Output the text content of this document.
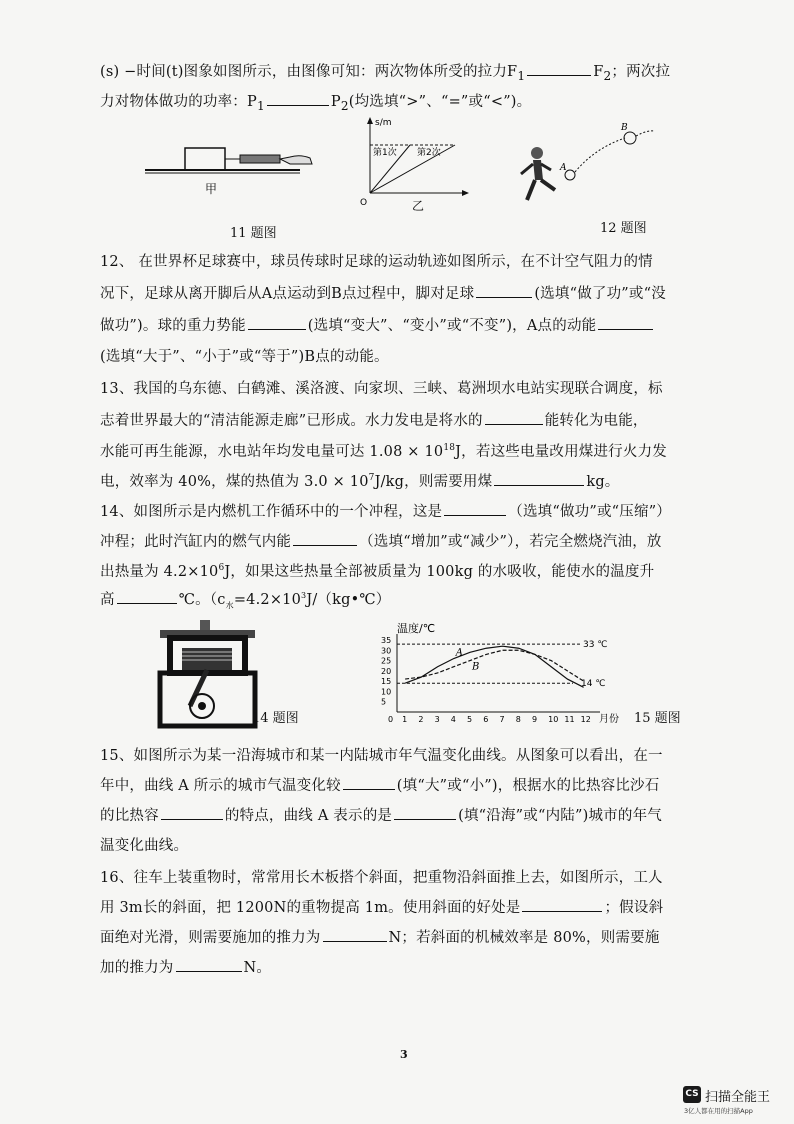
(s) −时间(t)图象如图所示，由图像可知：两次物体所受的拉力$F_1$	$F_2$；两次拉
力对物体做功的功率：$P_1$	$P_2$(均选填“>”、“=”或“<”)。
甲
s/m
O
第1次 第2次
乙
11 题图
A
B
12 题图
12、 在世界杯足球赛中，球员传球时足球的运动轨迹如图所示，在不计空气阻力的情
况下，足球从离开脚后从A点运动到B点过程中，脚对足球	(选填“做了功”或“没
做功”)。球的重力势能	(选填“变大”、“变小”或“不变”)，A点的动能
(选填“大于”、“小于”或“等于”)B点的动能。
13、我国的乌东德、白鹤滩、溪洛渡、向家坝、三峡、葛洲坝水电站实现联合调度，标
志着世界最大的“清洁能源走廊”已形成。水力发电是将水的	能转化为电能，
水能可再生能源，水电站年均发电量可达 $1.08 \times 10^{18}J$，若这些电量改用煤进行火力发
电，效率为 40%，煤的热值为 $3.0 \times 10^7J/kg$，则需要用煤	kg。
14、如图所示是内燃机工作循环中的一个冲程，这是	（选填“做功”或“压缩”）
冲程；此时汽缸内的燃气内能	（选填“增加”或“减少”），若完全燃烧汽油，放
出热量为 $4.2\times 10^6J$，如果这些热量全部被质量为 100kg 的水吸收，能使水的温度升
高	℃。（$c_水=4.2\times 10^3J/(kg•℃)$
14 题图
温度/℃
月份
0
5
10
15
20
25
30
35
1 2 3 4 5 6 7 8 9 10 11 12
33 ℃
14 ℃
A
B
15 题图
15、如图所示为某一沿海城市和某一内陆城市年气温变化曲线。从图象可以看出，在一
年中，曲线 A 所示的城市气温变化较	(填“大”或“小”)，根据水的比热容比沙石
的比热容	的特点，曲线 A 表示的是	(填“沿海”或“内陆”)城市的年气
温变化曲线。
16、往车上装重物时，常常用长木板搭个斜面，把重物沿斜面推上去，如图所示，工人
用 3m长的斜面，把 1200N的重物提高 1m。使用斜面的好处是	；假设斜
面绝对光滑，则需要施加的推力为	N；若斜面的机械效率是 80%，则需要施
加的推力为	N。
3
CS 扫描全能王
3亿人都在用的扫描App
